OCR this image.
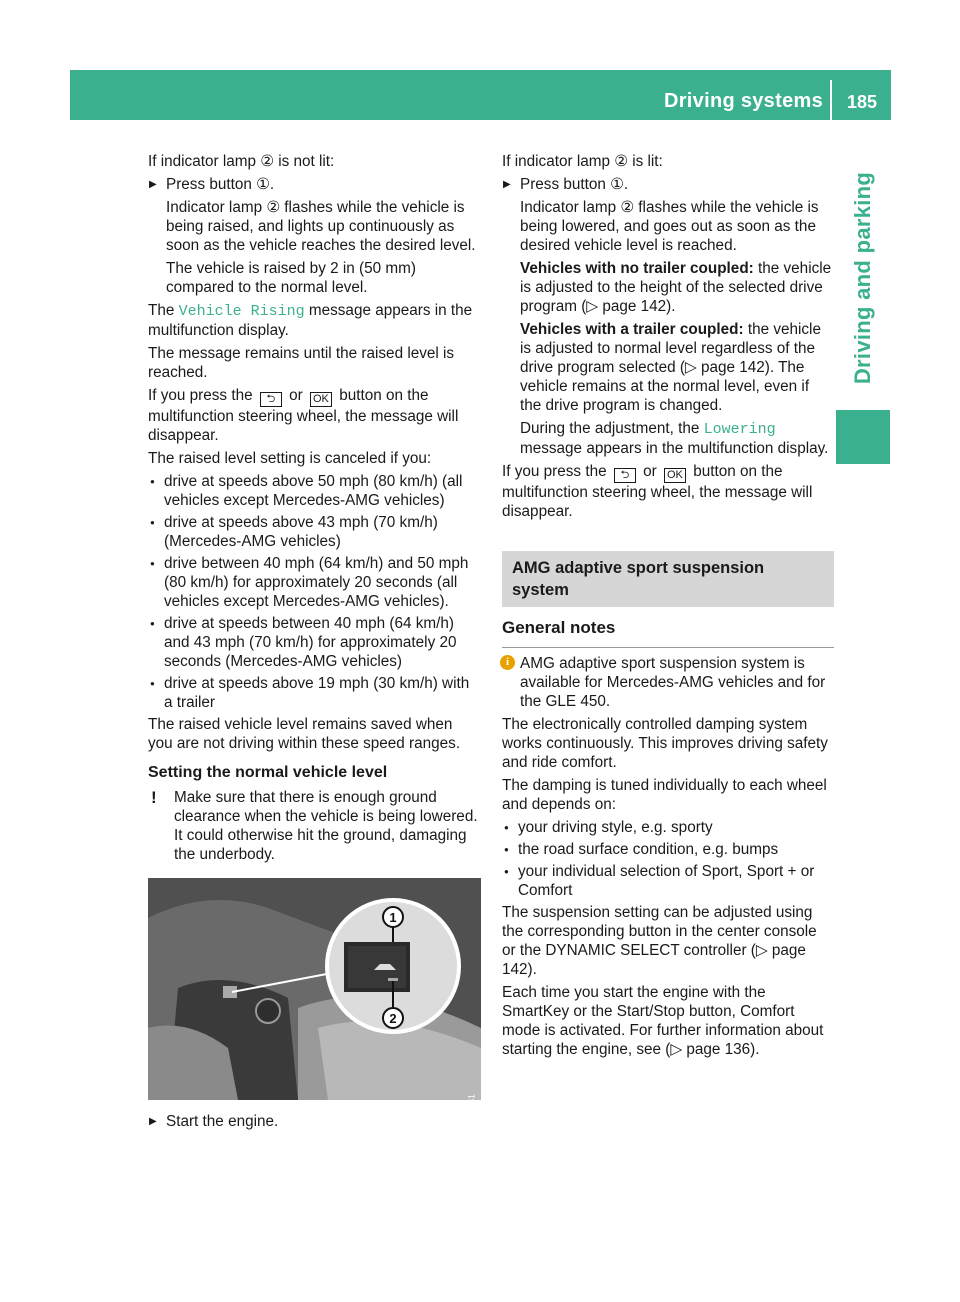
Driving systems 185
Driving and parking

If indicator lamp ② is not lit:

▶ Press button ①.

Indicator lamp ② flashes while the vehicle is being raised, and lights up continuously as soon as the vehicle reaches the desired level.

The vehicle is raised by 2 in (50 mm) compared to the normal level.

The Vehicle Rising message appears in the multifunction display.

The message remains until the raised level is reached.

If you press the ⮌ or OK button on the multifunction steering wheel, the message will disappear.

The raised level setting is canceled if you:

● drive at speeds above 50 mph (80 km/h) (all vehicles except Mercedes-AMG vehicles)
● drive at speeds above 43 mph (70 km/h) (Mercedes-AMG vehicles)
● drive between 40 mph (64 km/h) and 50 mph (80 km/h) for approximately 20 seconds (all vehicles except Mercedes-AMG vehicles).
● drive at speeds between 40 mph (64 km/h) and 43 mph (70 km/h) for approximately 20 seconds (Mercedes-AMG vehicles)
● drive at speeds above 19 mph (30 km/h) with a trailer

The raised vehicle level remains saved when you are not driving within these speed ranges.

Setting the normal vehicle level
! Make sure that there is enough ground clearance when the vehicle is being lowered. It could otherwise hit the ground, damaging the underbody.
1
2
P54.25-9636-31

▶ Start the engine.

If indicator lamp ② is lit:

▶ Press button ①.

Indicator lamp ② flashes while the vehicle is being lowered, and goes out as soon as the desired vehicle level is reached.

Vehicles with no trailer coupled: the vehicle is adjusted to the height of the selected drive program (▷ page 142).

Vehicles with a trailer coupled: the vehicle is adjusted to normal level regardless of the drive program selected (▷ page 142). The vehicle remains at the normal level, even if the drive program is changed.

During the adjustment, the Lowering message appears in the multifunction display.

If you press the ⮌ or OK button on the multifunction steering wheel, the message will disappear.

AMG adaptive sport suspension system
General notes

i AMG adaptive sport suspension system is available for Mercedes-AMG vehicles and for the GLE 450.

The electronically controlled damping system works continuously. This improves driving safety and ride comfort.

The damping is tuned individually to each wheel and depends on:

● your driving style, e.g. sporty
● the road surface condition, e.g. bumps
● your individual selection of Sport, Sport + or Comfort

The suspension setting can be adjusted using the corresponding button in the center console or the DYNAMIC SELECT controller (▷ page 142).

Each time you start the engine with the SmartKey or the Start/Stop button, Comfort mode is activated. For further information about starting the engine, see (▷ page 136).
